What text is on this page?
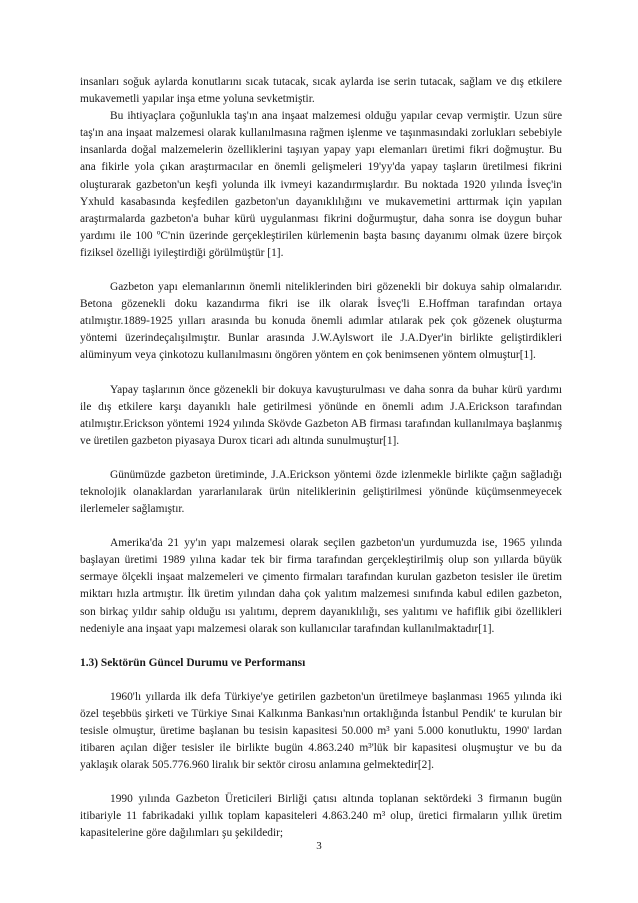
insanları soğuk aylarda konutlarını sıcak tutacak, sıcak aylarda ise serin tutacak, sağlam ve dış etkilere mukavemetli yapılar inşa etme yoluna sevketmiştir.

Bu ihtiyaçlara çoğunlukla taş'ın ana inşaat malzemesi olduğu yapılar cevap vermiştir. Uzun süre taş'ın ana inşaat malzemesi olarak kullanılmasına rağmen işlenme ve taşınmasındaki zorlukları sebebiyle insanlarda doğal malzemelerin özelliklerini taşıyan yapay yapı elemanları üretimi fikri doğmuştur. Bu ana fikirle yola çıkan araştırmacılar en önemli gelişmeleri 19'yy'da yapay taşların üretilmesi fikrini oluşturarak gazbeton'un keşfi yolunda ilk ivmeyi kazandırmışlardır. Bu noktada 1920 yılında İsveç'in Yxhuld kasabasında keşfedilen gazbeton'un dayanıklılığını ve mukavemetini arttırmak için yapılan araştırmalarda gazbeton'a buhar kürü uygulanması fikrini doğurmuştur, daha sonra ise doygun buhar yardımı ile 100 ºC'nin üzerinde gerçekleştirilen kürlemenin başta basınç dayanımı olmak üzere birçok fiziksel özelliği iyileştirdiği görülmüştür [1].

Gazbeton yapı elemanlarının önemli niteliklerinden biri gözenekli bir dokuya sahip olmalarıdır. Betona gözenekli doku kazandırma fikri ise ilk olarak İsveç'li E.Hoffman tarafından ortaya atılmıştır.1889-1925 yılları arasında bu konuda önemli adımlar atılarak pek çok gözenek oluşturma yöntemi üzerindeçalışılmıştır. Bunlar arasında J.W.Aylswort ile J.A.Dyer'in birlikte geliştirdikleri alüminyum veya çinkotozu kullanılmasını öngören yöntem en çok benimsenen yöntem olmuştur[1].

Yapay taşlarının önce gözenekli bir dokuya kavuşturulması ve daha sonra da buhar kürü yardımı ile dış etkilere karşı dayanıklı hale getirilmesi yönünde en önemli adım J.A.Erickson tarafından atılmıştır.Erickson yöntemi 1924 yılında Skövde Gazbeton AB firması tarafından kullanılmaya başlanmış ve üretilen gazbeton piyasaya Durox ticari adı altında sunulmuştur[1].

Günümüzde gazbeton üretiminde, J.A.Erickson yöntemi özde izlenmekle birlikte çağın sağladığı teknolojik olanaklardan yararlanılarak ürün niteliklerinin geliştirilmesi yönünde küçümsenmeyecek ilerlemeler sağlamıştır.

Amerika'da 21 yy'ın yapı malzemesi olarak seçilen gazbeton'un yurdumuzda ise, 1965 yılında başlayan üretimi 1989 yılına kadar tek bir firma tarafından gerçekleştirilmiş olup son yıllarda büyük sermaye ölçekli inşaat malzemeleri ve çimento firmaları tarafından kurulan gazbeton tesisler ile üretim miktarı hızla artmıştır. İlk üretim yılından daha çok yalıtım malzemesi sınıfında kabul edilen gazbeton, son birkaç yıldır sahip olduğu ısı yalıtımı, deprem dayanıklılığı, ses yalıtımı ve hafiflik gibi özellikleri nedeniyle ana inşaat yapı malzemesi olarak son kullanıcılar tarafından kullanılmaktadır[1].

1.3) Sektörün Güncel Durumu ve Performansı

1960'lı yıllarda ilk defa Türkiye'ye getirilen gazbeton'un üretilmeye başlanması 1965 yılında iki özel teşebbüs şirketi ve Türkiye Sınai Kalkınma Bankası'nın ortaklığında İstanbul Pendik' te kurulan bir tesisle olmuştur, üretime başlanan bu tesisin kapasitesi 50.000 m³ yani 5.000 konutluktu, 1990' lardan itibaren açılan diğer tesisler ile birlikte bugün 4.863.240 m³'lük bir kapasitesi oluşmuştur ve bu da yaklaşık olarak 505.776.960 liralık bir sektör cirosu anlamına gelmektedir[2].

1990 yılında Gazbeton Üreticileri Birliği çatısı altında toplanan sektördeki 3 firmanın bugün itibariyle 11 fabrikadaki yıllık toplam kapasiteleri 4.863.240 m³ olup, üretici firmaların yıllık üretim kapasitelerine göre dağılımları şu şekildedir;

3
